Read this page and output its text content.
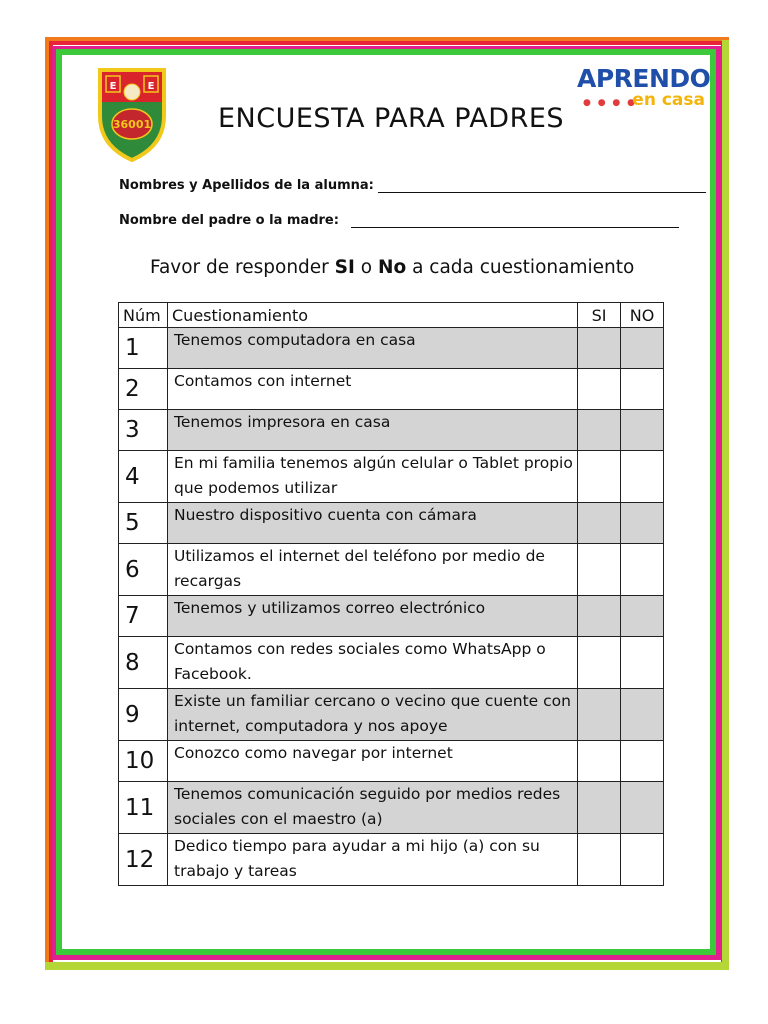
E	E
36001
APRENDO
● ● ● ●
en casa
ENCUESTA PARA PADRES
Nombres y Apellidos de la alumna:
Nombre del padre o la madre:
Favor de responder SI o No a cada cuestionamiento
Núm	Cuestionamiento	SI	NO
1	Tenemos computadora en casa		
2	Contamos con internet		
3	Tenemos impresora en casa		
4	En mi familia tenemos algún celular o Tablet propio que podemos utilizar		
5	Nuestro dispositivo cuenta con cámara		
6	Utilizamos el internet del teléfono por medio de recargas		
7	Tenemos y utilizamos correo electrónico		
8	Contamos con redes sociales como WhatsApp o Facebook.		
9	Existe un familiar cercano o vecino que cuente con internet, computadora y nos apoye		
10	Conozco como navegar por internet		
11	Tenemos comunicación seguido por medios redes sociales con el maestro (a)		
12	Dedico tiempo para ayudar a mi hijo (a) con su trabajo y tareas		
